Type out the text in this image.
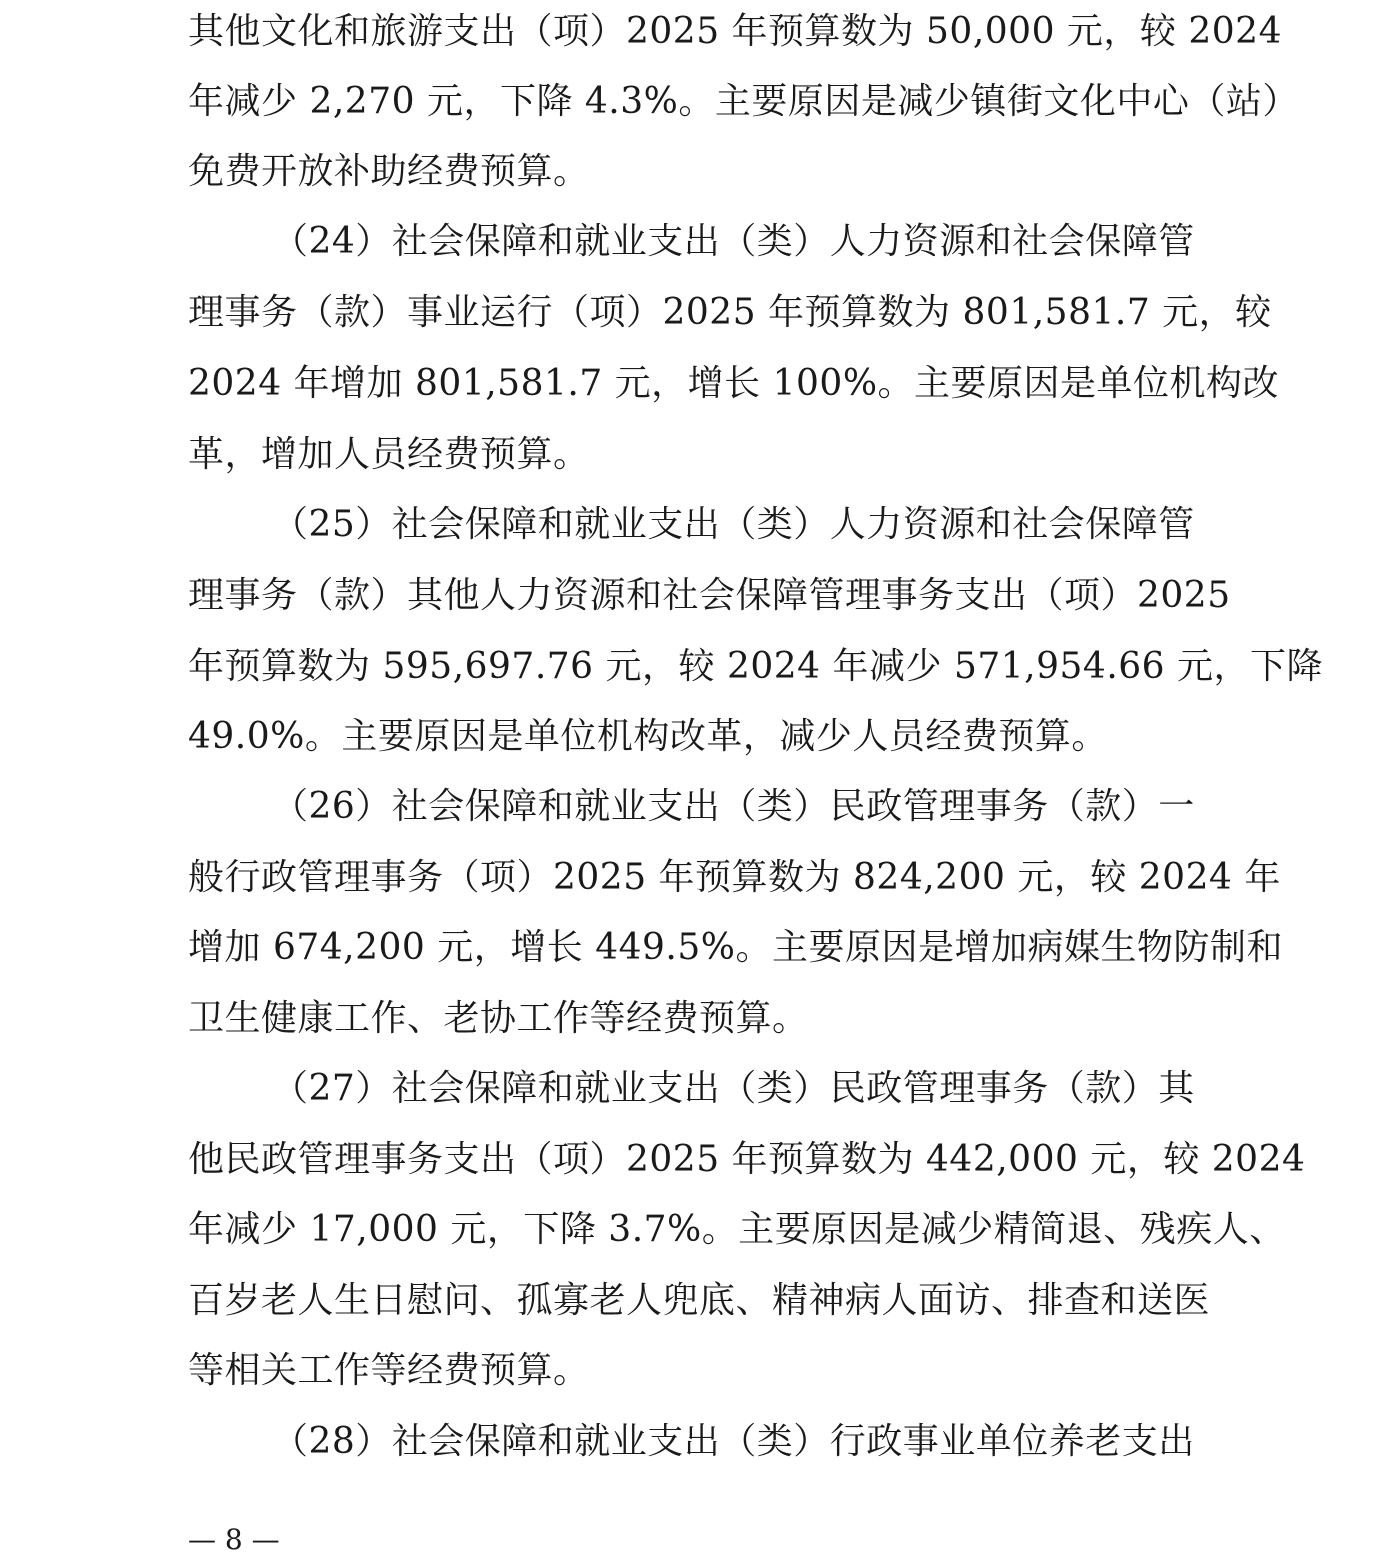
其他文化和旅游支出（项）2025 年预算数为 50,000 元，较 2024
年减少 2,270 元，下降 4.3%。主要原因是减少镇街文化中心（站）
免费开放补助经费预算。
（24）社会保障和就业支出（类）人力资源和社会保障管
理事务（款）事业运行（项）2025 年预算数为 801,581.7 元，较
2024 年增加 801,581.7 元，增长 100%。主要原因是单位机构改
革，增加人员经费预算。
（25）社会保障和就业支出（类）人力资源和社会保障管
理事务（款）其他人力资源和社会保障管理事务支出（项）2025
年预算数为 595,697.76 元，较 2024 年减少 571,954.66 元，下降
49.0%。主要原因是单位机构改革，减少人员经费预算。
（26）社会保障和就业支出（类）民政管理事务（款）一
般行政管理事务（项）2025 年预算数为 824,200 元，较 2024 年
增加 674,200 元，增长 449.5%。主要原因是增加病媒生物防制和
卫生健康工作、老协工作等经费预算。
（27）社会保障和就业支出（类）民政管理事务（款）其
他民政管理事务支出（项）2025 年预算数为 442,000 元，较 2024
年减少 17,000 元，下降 3.7%。主要原因是减少精简退、残疾人、
百岁老人生日慰问、孤寡老人兜底、精神病人面访、排查和送医
等相关工作等经费预算。
（28）社会保障和就业支出（类）行政事业单位养老支出
— 8 —
